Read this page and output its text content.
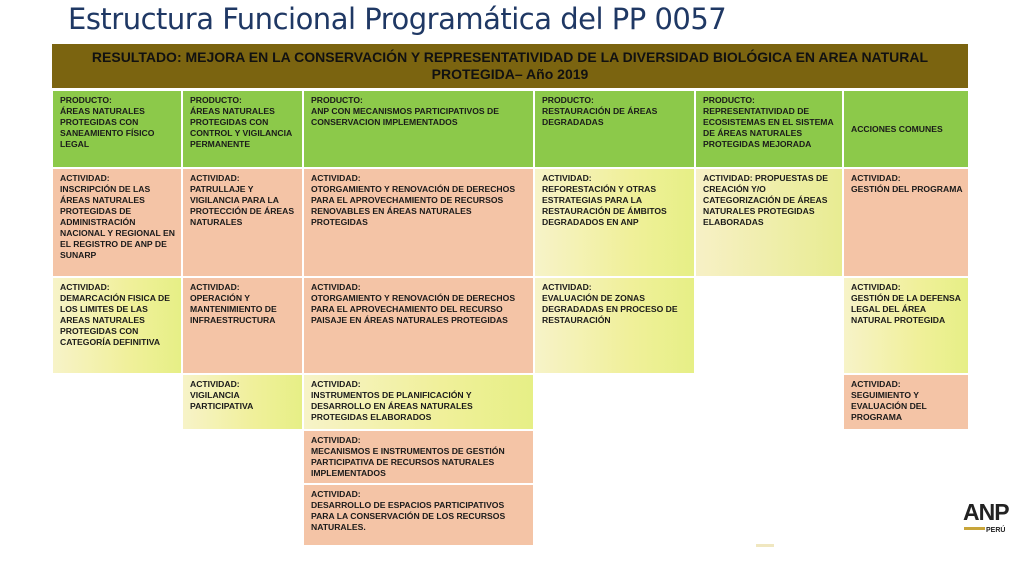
Estructura Funcional Programática del PP 0057
RESULTADO: MEJORA EN LA CONSERVACIÓN Y REPRESENTATIVIDAD DE LA DIVERSIDAD BIOLÓGICA EN AREA NATURAL PROTEGIDA– Año 2019
PRODUCTO:
ÁREAS NATURALES PROTEGIDAS CON SANEAMIENTO FÍSICO LEGAL
PRODUCTO:
ÁREAS NATURALES PROTEGIDAS CON CONTROL Y VIGILANCIA PERMANENTE
PRODUCTO:
ANP CON MECANISMOS PARTICIPATIVOS DE CONSERVACION IMPLEMENTADOS
PRODUCTO:
RESTAURACIÓN DE ÁREAS DEGRADADAS
PRODUCTO:
REPRESENTATIVIDAD DE ECOSISTEMAS EN EL SISTEMA DE ÁREAS NATURALES PROTEGIDAS MEJORADA
ACCIONES COMUNES
ACTIVIDAD:
INSCRIPCIÓN DE LAS ÁREAS NATURALES PROTEGIDAS DE ADMINISTRACIÓN NACIONAL Y REGIONAL EN EL REGISTRO DE ANP DE SUNARP
ACTIVIDAD:
DEMARCACIÓN FISICA DE LOS LIMITES DE LAS AREAS NATURALES PROTEGIDAS CON CATEGORÍA DEFINITIVA
ACTIVIDAD:
PATRULLAJE Y VIGILANCIA PARA LA PROTECCIÓN DE ÁREAS NATURALES
ACTIVIDAD:
OPERACIÓN Y MANTENIMIENTO DE INFRAESTRUCTURA
ACTIVIDAD:
VIGILANCIA PARTICIPATIVA
ACTIVIDAD:
OTORGAMIENTO Y RENOVACIÓN DE DERECHOS PARA EL APROVECHAMIENTO DE RECURSOS RENOVABLES EN ÁREAS NATURALES PROTEGIDAS
ACTIVIDAD:
OTORGAMIENTO Y RENOVACIÓN DE DERECHOS PARA EL APROVECHAMIENTO DEL RECURSO PAISAJE EN ÁREAS NATURALES PROTEGIDAS
ACTIVIDAD:
INSTRUMENTOS DE PLANIFICACIÓN Y DESARROLLO EN ÁREAS NATURALES PROTEGIDAS ELABORADOS
ACTIVIDAD:
MECANISMOS E INSTRUMENTOS DE GESTIÓN PARTICIPATIVA DE RECURSOS NATURALES IMPLEMENTADOS
ACTIVIDAD:
DESARROLLO DE ESPACIOS PARTICIPATIVOS PARA LA CONSERVACIÓN DE LOS RECURSOS NATURALES.
ACTIVIDAD:
REFORESTACIÓN Y OTRAS ESTRATEGIAS PARA LA RESTAURACIÓN DE ÁMBITOS DEGRADADOS EN ANP
ACTIVIDAD:
EVALUACIÓN DE ZONAS DEGRADADAS EN PROCESO DE RESTAURACIÓN
ACTIVIDAD: PROPUESTAS DE CREACIÓN Y/O CATEGORIZACIÓN DE ÁREAS NATURALES PROTEGIDAS ELABORADAS
ACTIVIDAD:
GESTIÓN DEL PROGRAMA
ACTIVIDAD:
GESTIÓN DE LA DEFENSA LEGAL DEL ÁREA NATURAL PROTEGIDA
ACTIVIDAD:
SEGUIMIENTO Y EVALUACIÓN DEL PROGRAMA
ANP
PERÚ
